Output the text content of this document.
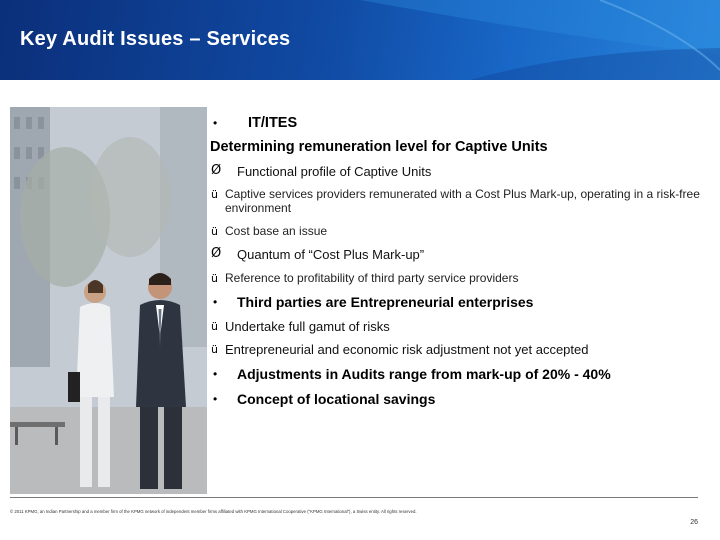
Key Audit Issues – Services
• IT/ITES
Determining remuneration level for Captive Units
Ø Functional profile of Captive Units
ü Captive services providers remunerated with a Cost Plus Mark-up, operating in a risk-free environment
ü Cost base an issue
Ø Quantum of “Cost Plus Mark-up”
ü Reference to profitability of third party service providers
• Third parties are Entrepreneurial enterprises
ü Undertake full gamut of risks
ü Entrepreneurial and economic risk adjustment not yet accepted
• Adjustments in Audits range from mark-up of 20% - 40%
• Concept of locational savings
© 2011 KPMG, an Indian Partnership and a member firm of the KPMG network of independent member firms affiliated with KPMG International Cooperative (“KPMG International”), a Swiss entity. All rights reserved.
26
